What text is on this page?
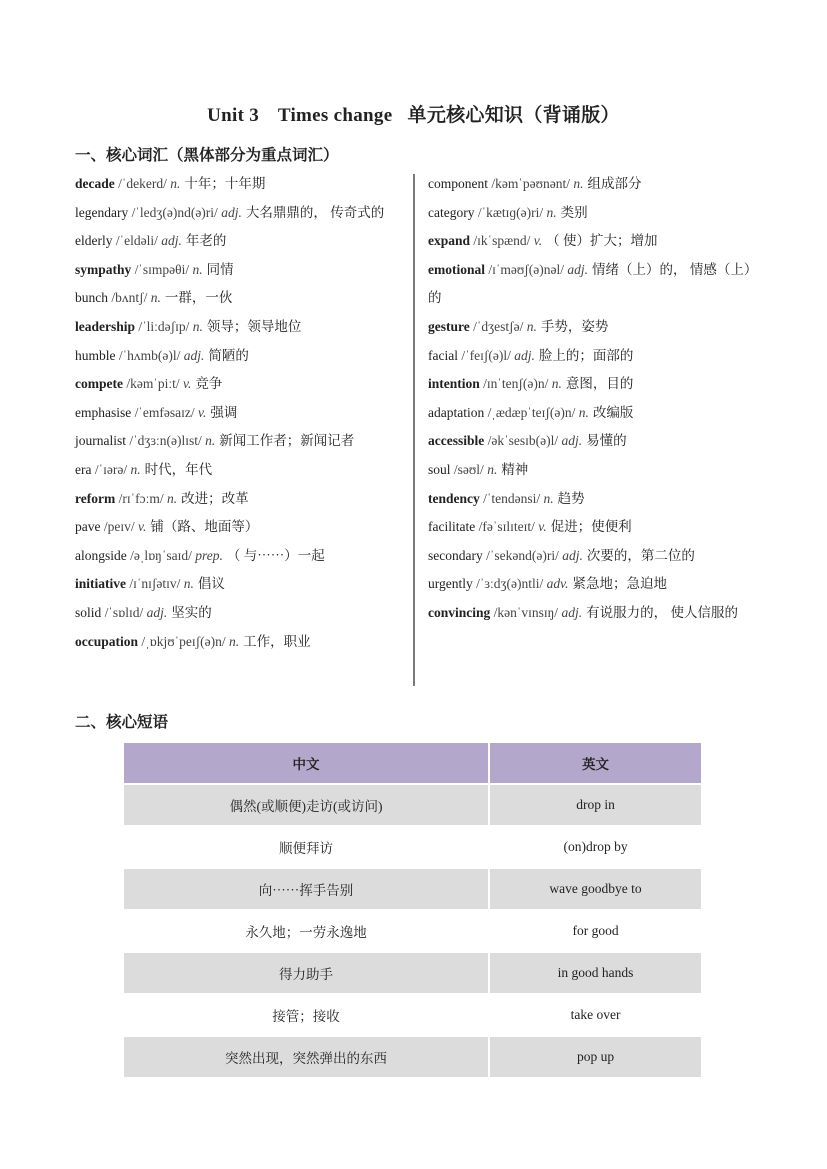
Unit 3 Times change 单元核心知识（背诵版）
一、核心词汇（黑体部分为重点词汇）
decade /ˈdekerd/ n. 十年；十年期
legendary /ˈledʒ(ə)nd(ə)ri/ adj. 大名鼎鼎的， 传奇式的
elderly /ˈeldəli/ adj. 年老的
sympathy /ˈsɪmpəθi/ n. 同情
bunch /bʌntʃ/ n. 一群，一伙
leadership /ˈliːdəʃɪp/ n. 领导；领导地位
humble /ˈhʌmb(ə)l/ adj. 简陋的
compete /kəmˈpiːt/ v. 竞争
emphasise /ˈemfəsaɪz/ v. 强调
journalist /ˈdʒɜːn(ə)lɪst/ n. 新闻工作者；新闻记者
era /ˈɪərə/ n. 时代，年代
reform /rɪˈfɔːm/ n. 改进；改革
pave /peɪv/ v. 铺（路、地面等）
alongside /əˌlɒŋˈsaɪd/ prep. （ 与⋯⋯）一起
initiative /ɪˈnɪʃətɪv/ n. 倡议
solid /ˈsɒlɪd/ adj. 坚实的
occupation /ˌɒkjʊˈpeɪʃ(ə)n/ n. 工作，职业
component /kəmˈpəʊnənt/ n. 组成部分
category /ˈkætɪɡ(ə)ri/ n. 类别
expand /ɪkˈspænd/ v. （ 使）扩大；增加
emotional /ɪˈməʊʃ(ə)nəl/ adj. 情绪（上）的， 情感（上）的
gesture /ˈdʒestʃə/ n. 手势，姿势
facial /ˈfeɪʃ(ə)l/ adj. 脸上的；面部的
intention /ɪnˈtenʃ(ə)n/ n. 意图，目的
adaptation /ˌædæpˈteɪʃ(ə)n/ n. 改编版
accessible /əkˈsesɪb(ə)l/ adj. 易懂的
soul /səʊl/ n. 精神
tendency /ˈtendənsi/ n. 趋势
facilitate /fəˈsɪlɪteɪt/ v. 促进；使便利
secondary /ˈsekənd(ə)ri/ adj. 次要的，第二位的
urgently /ˈɜːdʒ(ə)ntli/ adv. 紧急地；急迫地
convincing /kənˈvɪnsɪŋ/ adj. 有说服力的， 使人信服的
二、核心短语
中文	英文
偶然(或顺便)走访(或访问)	drop in
顺便拜访	(on)drop by
向⋯⋯挥手告别	wave goodbye to
永久地；一劳永逸地	for good
得力助手	in good hands
接管；接收	take over
突然出现，突然弹出的东西	pop up
